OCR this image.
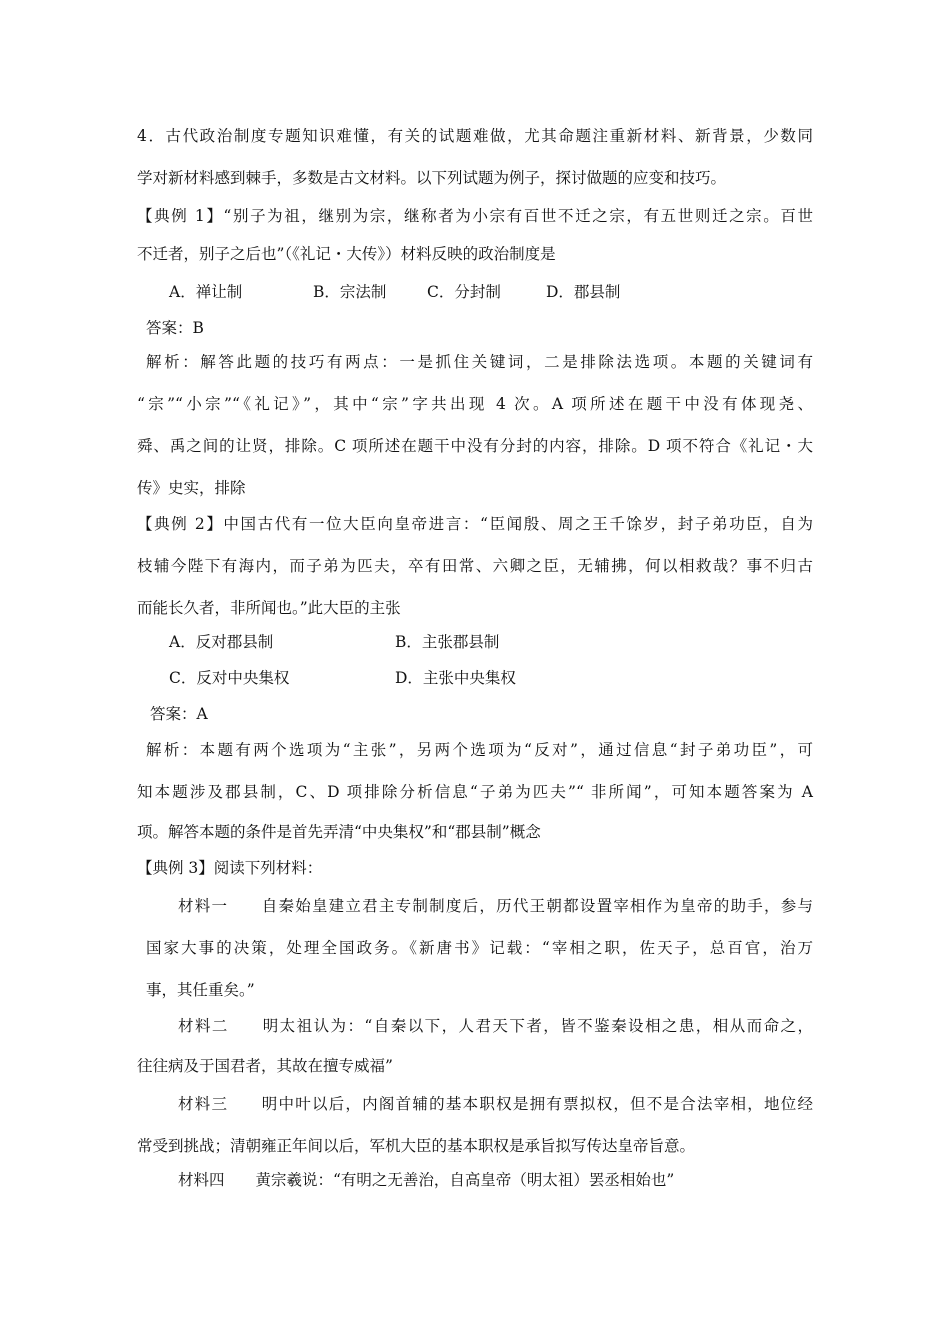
4．古代政治制度专题知识难懂，有关的试题难做，尤其命题注重新材料、新背景，少数同
学对新材料感到棘手，多数是古文材料。以下列试题为例子，探讨做题的应变和技巧。
【典例 1】“别子为祖，继别为宗，继称者为小宗有百世不迁之宗，有五世则迁之宗。百世
不迁者，别子之后也”（《礼记・大传》）材料反映的政治制度是
A．禅让制	B．宗法制	C．分封制	D．郡县制
答案：B
解析：解答此题的技巧有两点：一是抓住关键词，二是排除法选项。本题的关键词有
“宗”“小宗”“《礼记》”，其中“宗”字共出现 4 次。A 项所述在题干中没有体现尧、
舜、禹之间的让贤，排除。C 项所述在题干中没有分封的内容，排除。D 项不符合《礼记・大
传》史实，排除
【典例 2】中国古代有一位大臣向皇帝进言：“臣闻殷、周之王千馀岁，封子弟功臣，自为
枝辅今陛下有海内，而子弟为匹夫，卒有田常、六卿之臣，无辅拂，何以相救哉？事不归古
而能长久者，非所闻也。”此大臣的主张
A．反对郡县制	B．主张郡县制
C．反对中央集权	D．主张中央集权
答案：A
解析：本题有两个选项为“主张”，另两个选项为“反对”，通过信息“封子弟功臣”，可
知本题涉及郡县制，C、D 项排除分析信息“子弟为匹夫”“ 非所闻”，可知本题答案为 A
项。解答本题的条件是首先弄清“中央集权”和“郡县制”概念
【典例 3】阅读下列材料：
材料一　　自秦始皇建立君主专制制度后，历代王朝都设置宰相作为皇帝的助手，参与
国家大事的决策，处理全国政务。《新唐书》记载：“宰相之职，佐天子，总百官，治万
事，其任重矣。”
材料二　　明太祖认为：“自秦以下，人君天下者，皆不鉴秦设相之患，相从而命之，
往往病及于国君者，其故在擅专威福”
材料三　　明中叶以后，内阁首辅的基本职权是拥有票拟权，但不是合法宰相，地位经
常受到挑战；清朝雍正年间以后，军机大臣的基本职权是承旨拟写传达皇帝旨意。
材料四　　黄宗羲说：“有明之无善治，自高皇帝（明太祖）罢丞相始也”
